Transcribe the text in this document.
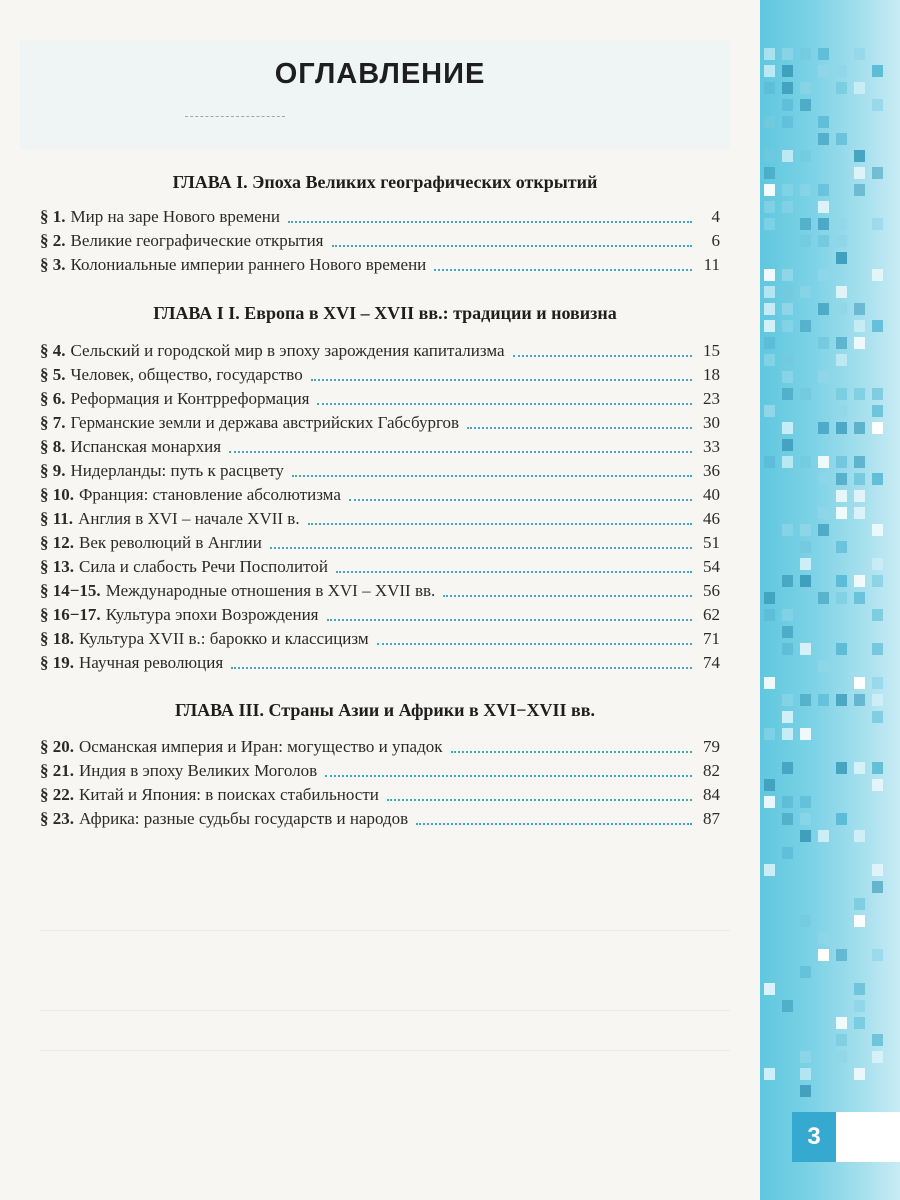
ОГЛАВЛЕНИЕ
ГЛАВА I. Эпоха Великих географических открытий
§ 1. Мир на заре Нового времени	4
§ 2. Великие географические открытия	6
§ 3. Колониальные империи раннего Нового времени	11
ГЛАВА I I. Европа в XVI – XVII вв.: традиции и новизна
§ 4. Сельский и городской мир в эпоху зарождения капитализма	15
§ 5. Человек, общество, государство	18
§ 6. Реформация и Контрреформация	23
§ 7. Германские земли и держава австрийских Габсбургов	30
§ 8. Испанская монархия	33
§ 9. Нидерланды: путь к расцвету	36
§ 10. Франция: становление абсолютизма	40
§ 11. Англия в XVI – начале XVII в.	46
§ 12. Век революций в Англии	51
§ 13. Сила и слабость Речи Посполитой	54
§ 14−15. Международные отношения в XVI – XVII вв.	56
§ 16−17. Культура эпохи Возрождения	62
§ 18. Культура XVII в.: барокко и классицизм	71
§ 19. Научная революция	74
ГЛАВА III. Страны Азии и Африки в XVI−XVII вв.
§ 20. Османская империя и Иран: могущество и упадок	79
§ 21. Индия в эпоху Великих Моголов	82
§ 22. Китай и Япония: в поисках стабильности	84
§ 23. Африка: разные судьбы государств и народов	87
3
